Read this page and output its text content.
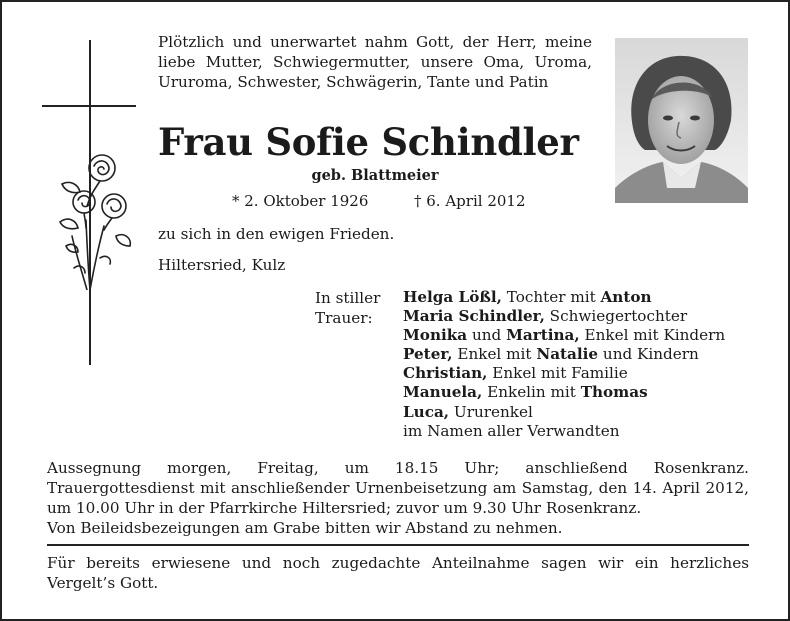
Plötzlich und unerwartet nahm Gott, der Herr, meine liebe Mutter, Schwiegermutter, unsere Oma, Uroma, Ururoma, Schwester, Schwägerin, Tante und Patin
Frau Sofie Schindler
geb. Blattmeier
* 2. Oktober 1926	† 6. April 2012
zu sich in den ewigen Frieden.
Hiltersried, Kulz
In stiller
Trauer:
Helga Lößl, Tochter mit Anton
Maria Schindler, Schwiegertochter
Monika und Martina, Enkel mit Kindern
Peter, Enkel mit Natalie und Kindern
Christian, Enkel mit Familie
Manuela, Enkelin mit Thomas
Luca, Ururenkel
im Namen aller Verwandten

Aussegnung morgen, Freitag, um 18.15 Uhr; anschließend Rosenkranz. Trauergottesdienst mit anschließender Urnenbeisetzung am Samstag, den 14. April 2012, um 10.00 Uhr in der Pfarrkirche Hiltersried; zuvor um 9.30 Uhr Rosenkranz.

Von Beileidsbezeigungen am Grabe bitten wir Abstand zu nehmen.

Für bereits erwiesene und noch zugedachte Anteilnahme sagen wir ein herzliches Vergelt’s Gott.
